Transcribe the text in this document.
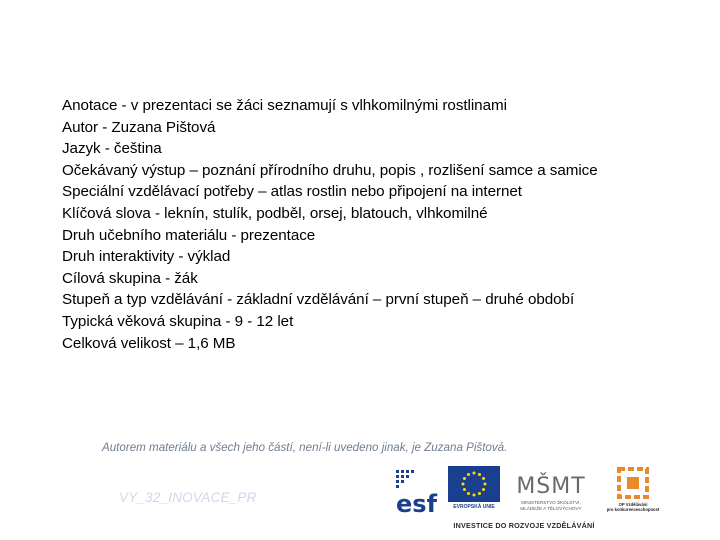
Anotace - v prezentaci se žáci seznamují s vlhkomilnými rostlinami
Autor - Zuzana Pištová
Jazyk - čeština
Očekávaný výstup – poznání přírodního druhu, popis , rozlišení samce a samice
Speciální vzdělávací potřeby – atlas rostlin nebo připojení na internet
Klíčová slova - leknín, stulík, podběl, orsej, blatouch, vlhkomilné
Druh učebního materiálu - prezentace
Druh interaktivity - výklad
Cílová skupina - žák
Stupeň a typ vzdělávání - základní vzdělávání – první stupeň – druhé období
Typická věková skupina - 9 - 12 let
Celková velikost – 1,6 MB
Autorem materiálu a všech jeho částí, není-li uvedeno jinak, je Zuzana Pištová.
VY_32_INOVACE_PR	esf	EVROPSKÁ UNIE
MŠMT
MINISTERSTVO ŠKOLSTVÍ,
MLÁDEŽE A TĚLOVÝCHOVY
OP Vzdělávání
pro konkurenceschopnost
INVESTICE DO ROZVOJE VZDĚLÁVÁNÍ
